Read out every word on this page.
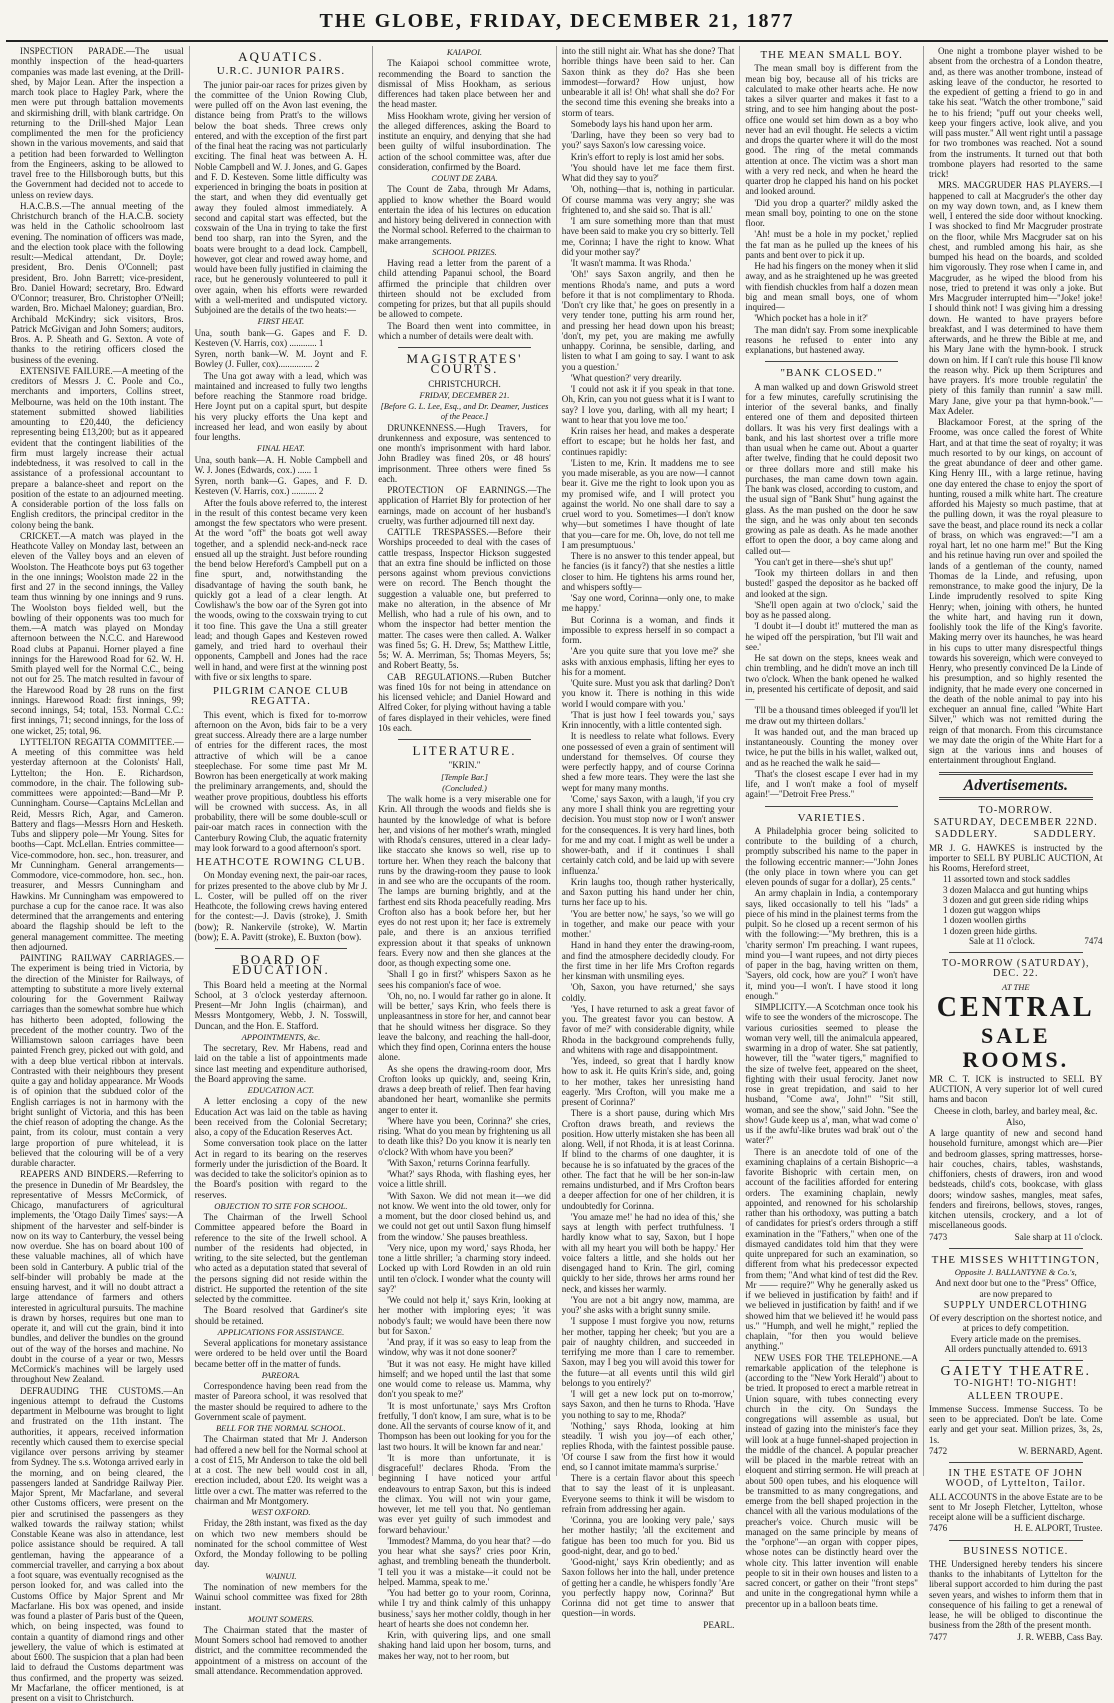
THE GLOBE, FRIDAY, DECEMBER 21, 1877

INSPECTION PARADE.—The usual monthly inspection of the head-quarters companies was made last evening, at the Drill-shed, by Major Lean. After the inspection a march took place to Hagley Park, where the men were put through battalion movements and skirmishing drill, with blank cartridge. On returning to the Drill-shed Major Lean complimented the men for the proficiency shown in the various movements, and said that a petition had been forwarded to Wellington from the Engineers, asking to be allowed to travel free to the Hillsborough butts, but this the Government had decided not to accede to unless on review days.

H.A.C.B.S.—The annual meeting of the Christchurch branch of the H.A.C.B. society was held in the Catholic schoolroom last evening. The nomination of officers was made, and the election took place with the following result:—Medical attendant, Dr. Doyle; president, Bro. Denis O'Connell; past president, Bro. John Barrett; vice-president, Bro. Daniel Howard; secretary, Bro. Edward O'Connor; treasurer, Bro. Christopher O'Neill; warden, Bro. Michael Maloney; guardian, Bro. Archibald McKindry; sick visitors, Bros. Patrick McGivigan and John Somers; auditors, Bros. A. P. Sheath and G. Sexton. A vote of thanks to the retiring officers closed the business of the evening.

EXTENSIVE FAILURE.—A meeting of the creditors of Messrs J. C. Poole and Co., merchants and importers, Collins street, Melbourne, was held on the 10th instant. The statement submitted showed liabilities amounting to £20,440, the deficiency representing being £13,200; but as it appeared evident that the contingent liabilities of the firm must largely increase their actual indebtedness, it was resolved to call in the assistance of a professional accountant to prepare a balance-sheet and report on the position of the estate to an adjourned meeting. A considerable portion of the loss falls on English creditors, the principal creditor in the colony being the bank.

CRICKET.—A match was played in the Heathcote Valley on Monday last, between an eleven of the Valley boys and an eleven of Woolston. The Heathcote boys put 63 together in the one innings; Woolston made 22 in the first and 27 in the second innings, the Valley team thus winning by one innings and 9 runs. The Woolston boys fielded well, but the bowling of their opponents was too much for them.—A match was played on Monday afternoon between the N.C.C. and Harewood Road clubs at Papanui. Horner played a fine innings for the Harewood Road for 62. W. H. Smith played well for the Normal C.C., being not out for 25. The match resulted in favour of the Harewood Road by 28 runs on the first innings. Harewood Road: first innings, 99; second innings, 54; total, 153. Normal C.C.: first innings, 71; second innings, for the loss of one wicket, 25; total, 96.

LYTTELTON REGATTA COMMITTEE.—A meeting of this committee was held yesterday afternoon at the Colonists' Hall, Lyttelton; the Hon. E. Richardson, commodore, in the chair. The following sub-committees were appointed:—Band—Mr P. Cunningham. Course—Captains McLellan and Reid, Messrs Rich, Agar, and Cameron. Battery and flags—Messrs Horn and Hesketh. Tubs and slippery pole—Mr Young. Sites for booths—Capt. McLellan. Entries committee—Vice-commodore, hon. sec., hon. treasurer, and Mr Cunningham. General arrangements—Commodore, vice-commodore, hon. sec., hon. treasurer, and Messrs Cunningham and Hawkins. Mr Cunningham was empowered to purchase a cup for the canoe race. It was also determined that the arrangements and entering aboard the flagship should be left to the general management committee. The meeting then adjourned.

PAINTING RAILWAY CARRIAGES.—The experiment is being tried in Victoria, by the direction of the Minister for Railways, of attempting to substitute a more lively external colouring for the Government Railway carriages than the somewhat sombre hue which has hitherto been adopted, following the precedent of the mother country. Two of the Williamstown saloon carriages have been painted French grey, picked out with gold, and with a deep blue vertical ribbon at intervals. Contrasted with their neighbours they present quite a gay and holiday appearance. Mr Woods is of opinion that the subdued color of the English carriages is not in harmony with the bright sunlight of Victoria, and this has been the chief reason of adopting the change. As the paint, from its colour, must contain a very large proportion of pure whitelead, it is believed that the colouring will be of a very durable character.

REAPERS AND BINDERS.—Referring to the presence in Dunedin of Mr Beardsley, the representative of Messrs McCormick, of Chicago, manufacturers of agricultural implements, the 'Otago Daily Times' says:—A shipment of the harvester and self-binder is now on its way to Canterbury, the vessel being now overdue. She has on board about 100 of these valuable machines, all of which have been sold in Canterbury. A public trial of the self-binder will probably be made at the ensuing harvest, and it will no doubt attract a large attendance of farmers and others interested in agricultural pursuits. The machine is drawn by horses, requires but one man to operate it, and will cut the grain, bind it into bundles, and deliver the bundles on the ground out of the way of the horses and machine. No doubt in the course of a year or two, Messrs McCormick's machines will be largely used throughout New Zealand.

DEFRAUDING THE CUSTOMS.—An ingenious attempt to defraud the Customs department in Melbourne was brought to light and frustrated on the 11th instant. The authorities, it appears, received information recently which caused them to exercise special vigilance over persons arriving by steamer from Sydney. The s.s. Wotonga arrived early in the morning, and on being cleared, the passengers landed at Sandridge Railway Pier. Major Sprent, Mr Macfarlane, and several other Customs officers, were present on the pier and scrutinised the passengers as they walked towards the railway station; whilst Constable Keane was also in attendance, lest police assistance should be required. A tall gentleman, having the appearance of a commercial traveller, and carrying a box about a foot square, was eventually recognised as the person looked for, and was called into the Customs Office by Major Sprent and Mr Macfarlane. His box was opened, and inside was found a plaster of Paris bust of the Queen, which, on being inspected, was found to contain a quantity of diamond rings and other jewellery, the value of which is estimated at about £600. The suspicion that a plan had been laid to defraud the Customs department was thus confirmed, and the property was seized. Mr Macfarlane, the officer mentioned, is at present on a visit to Christchurch.

AQUATICS.
U.R.C. JUNIOR PAIRS.

The junior pair-oar races for prizes given by the committee of the Union Rowing Club, were pulled off on the Avon last evening, the distance being from Pratt's to the willows below the boat sheds. Three crews only entered, and with the exception of the first part of the final heat the racing was not particularly exciting. The final heat was between A. H. Noble Campbell and W. J. Jones, and G. Gapes and F. D. Kesteven. Some little difficulty was experienced in bringing the boats in position at the start, and when they did eventually get away they fouled almost immediately. A second and capital start was effected, but the coxswain of the Una in trying to take the first bend too sharp, ran into the Syren, and the boats were brought to a dead lock. Campbell, however, got clear and rowed away home, and would have been fully justified in claiming the race, but he generously volunteered to pull it over again, when his efforts were rewarded with a well-merited and undisputed victory. Subjoined are the details of the two heats:—

FIRST HEAT.

Una, south bank—G. Gapes and F. D. Kesteven (V. Harris, cox) ............ 1

Syren, north bank—W. M. Joynt and F. Bowley (J. Fuller, cox)............... 2

The Una got away with a lead, which was maintained and increased to fully two lengths before reaching the Stanmore road bridge. Here Joynt put on a capital spurt, but despite his very plucky efforts the Una kept and increased her lead, and won easily by about four lengths.

FINAL HEAT.

Una, south bank—A. H. Noble Campbell and W. J. Jones (Edwards, cox.) ...... 1

Syren, north bank—G. Gapes, and F. D. Kesteven (V. Harris, cox.) ........... 2

After the fouls above referred to, the interest in the result of this contest became very keen amongst the few spectators who were present. At the word "off" the boats got well away together, and a splendid neck-and-neck race ensued all up the straight. Just before rounding the bend below Hereford's Campbell put on a fine spurt, and, notwithstanding the disadvantage of having the south bank, he quickly got a lead of a clear length. At Cowlishaw's the bow oar of the Syren got into the woods, owing to the coxswain trying to cut it too fine. This gave the Una a still greater lead; and though Gapes and Kesteven rowed gamely, and tried hard to overhaul their opponents, Campbell and Jones had the race well in hand, and were first at the winning post with five or six lengths to spare.

PILGRIM CANOE CLUB REGATTA.

This event, which is fixed for to-morrow afternoon on the Avon, bids fair to be a very great success. Already there are a large number of entries for the different races, the most attractive of which will be a canoe steeplechase. For some time past Mr M. Bowron has been energetically at work making the preliminary arrangements, and, should the weather prove propitious, doubtless his efforts will be crowned with success. As, in all probability, there will be some double-scull or pair-oar match races in connection with the Canterbury Rowing Club, the aquatic fraternity may look forward to a good afternoon's sport.

HEATHCOTE ROWING CLUB.

On Monday evening next, the pair-oar races, for prizes presented to the above club by Mr J. L. Coster, will be pulled off on the river Heathcote, the following crews having entered for the contest:—J. Davis (stroke), J. Smith (bow); R. Nankervile (stroke), W. Martin (bow); E. A. Pavitt (stroke), E. Buxton (bow).

BOARD OF EDUCATION.

This Board held a meeting at the Normal School, at 3 o'clock yesterday afternoon. Present—Mr John Inglis (chairman), and Messrs Montgomery, Webb, J. N. Tosswill, Duncan, and the Hon. E. Stafford.

APPOINTMENTS, &c.

The secretary, Rev. Mr Habens, read and laid on the table a list of appointments made since last meeting and expenditure authorised, the Board approving the same.

EDUCATION ACT.

A letter enclosing a copy of the new Education Act was laid on the table as having been received from the Colonial Secretary; also, a copy of the Education Reserves Act.

Some conversation took place on the latter Act in regard to its bearing on the reserves formerly under the jurisdiction of the Board. It was decided to take the solicitor's opinion as to the Board's position with regard to the reserves.

OBJECTION TO SITE FOR SCHOOL.

The Chairman of the Irwell School Committee appeared before the Board in reference to the site of the Irwell school. A number of the residents had objected, in writing, to the site selected, but the gentleman who acted as a deputation stated that several of the persons signing did not reside within the district. He supported the retention of the site selected by the committee.

The Board resolved that Gardiner's site should be retained.

APPLICATIONS FOR ASSISTANCE.

Several applications for monetary assistance were ordered to be held over until the Board became better off in the matter of funds.

PAREORA.

Correspondence having been read from the master of Pareora school, it was resolved that the master should be required to adhere to the Government scale of payment.

BELL FOR THE NORMAL SCHOOL.

The Chairman stated that Mr J. Anderson had offered a new bell for the Normal school at a cost of £15, Mr Anderson to take the old bell at a cost. The new bell would cost in all, erection included, about £20. Its weight was a little over a cwt. The matter was referred to the chairman and Mr Montgomery.

WEST OXFORD.

Friday, the 28th instant, was fixed as the day on which two new members should be nominated for the school committee of West Oxford, the Monday following to be polling day.

WAINUI.

The nomination of new members for the Wainui school committee was fixed for 28th instant.

MOUNT SOMERS.

The Chairman stated that the master of Mount Somers school had removed to another district, and the committee recommended the appointment of a mistress on account of the small attendance. Recommendation approved.

KAIAPOI.

The Kaiapoi school committee wrote, recommending the Board to sanction the dismissal of Miss Hookham, as serious differences had taken place between her and the head master.

Miss Hookham wrote, giving her version of the alleged differences, asking the Board to institute an enquiry, and denying that she had been guilty of wilful insubordination. The action of the school committee was, after due consideration, confirmed by the Board.

COUNT DE ZABA.

The Count de Zaba, through Mr Adams, applied to know whether the Board would entertain the idea of his lectures on education and history being delivered in connection with the Normal school. Referred to the chairman to make arrangements.

SCHOOL PRIZES.

Having read a letter from the parent of a child attending Papanui school, the Board affirmed the principle that children over thirteen should not be excluded from competing for prizes, but that all pupils should be allowed to compete.

The Board then went into committee, in which a number of details were dealt with.

MAGISTRATES' COURTS.
CHRISTCHURCH.
FRIDAY, DECEMBER 21.
[Before G. L. Lee, Esq., and Dr. Deamer, Justices of the Peace.]

DRUNKENNESS.—Hugh Travers, for drunkenness and exposure, was sentenced to one month's imprisonment with hard labor. John Bradley was fined 20s, or 48 hours' imprisonment. Three others were fined 5s each.

PROTECTION OF EARNINGS.—The application of Harriet Bly for protection of her earnings, made on account of her husband's cruelty, was further adjourned till next day.

CATTLE TRESPASSES.—Before their Worships proceeded to deal with the cases of cattle trespass, Inspector Hickson suggested that an extra fine should be inflicted on those persons against whom previous convictions were on record. The Bench thought the suggestion a valuable one, but preferred to make no alteration, in the absence of Mr Mellish, who had a rule of his own, and to whom the inspector had better mention the matter. The cases were then called. A. Walker was fined 5s; G. H. Drew, 5s; Matthew Little, 5s; W. A. Merriman, 5s; Thomas Meyers, 5s; and Robert Beatty, 5s.

CAB REGULATIONS.—Ruben Butcher was fined 10s for not being in attendance on his licensed vehicle; and Daniel Howard and Alfred Coker, for plying without having a table of fares displayed in their vehicles, were fined 10s each.

LITERATURE.
"KRIN."
[Temple Bar.]
(Concluded.)

The walk home is a very miserable one for Krin. All through the woods and fields she is haunted by the knowledge of what is before her, and visions of her mother's wrath, mingled with Rhoda's censures, uttered in a clear lady-like staccato she knows so well, rise up to torture her. When they reach the balcony that runs by the drawing-room they pause to look in and see who are the occupants of the room. The lamps are burning brightly, and at the farthest end sits Rhoda peacefully reading. Mrs Crofton also has a book before her, but her eyes do not rest upon it; her face is extremely pale, and there is an anxious terrified expression about it that speaks of unknown fears. Every now and then she glances at the door, as though expecting some one.

'Shall I go in first?' whispers Saxon as he sees his companion's face of woe.

'Oh, no, no. I would far rather go in alone. It will be better,' says Krin, who feels there is unpleasantness in store for her, and cannot bear that he should witness her disgrace. So they leave the balcony, and reaching the hall-door, which they find open, Corinna enters the house alone.

As she opens the drawing-room door, Mrs Crofton looks up quickly, and, seeing Krin, draws a deep breath of relief. Then fear having abandoned her heart, womanlike she permits anger to enter it.

'Where have you been, Corinna?' she cries, rising. 'What do you mean by frightening us all to death like this? Do you know it is nearly ten o'clock? With whom have you been?'

'With Saxon,' returns Corinna fearfully.

'What?' says Rhoda, with flashing eyes, her voice a little shrill.

'With Saxon. We did not mean it—we did not know. We went into the old tower, only for a moment, but the door closed behind us, and we could not get out until Saxon flung himself from the window.' She pauses breathless.

'Very nice, upon my word,' says Rhoda, her tone a little shriller; 'a charming story indeed. Locked up with Lord Rowden in an old ruin until ten o'clock. I wonder what the county will say?'

'We could not help it,' says Krin, looking at her mother with imploring eyes; 'it was nobody's fault; we would have been there now but for Saxon.'

'And pray, if it was so easy to leap from the window, why was it not done sooner?'

'But it was not easy. He might have killed himself; and we hoped until the last that some one would come to release us. Mamma, why don't you speak to me?'

'It is most unfortunate,' says Mrs Crofton fretfully, 'I don't know, I am sure, what is to be done. All the servants of course know of it, and Thompson has been out looking for you for the last two hours. It will be known far and near.'

'It is more than unfortunate, it is disgraceful!' declares Rhoda. 'From the beginning I have noticed your artful endeavours to entrap Saxon, but this is indeed the climax. You will not win your game, however, let me tell you that. No gentleman was ever yet guilty of such immodest and forward behaviour.'

'Immodest? Mamma, do you hear that? —do you hear what she says?' cries poor Krin, aghast, and trembling beneath the thunderbolt. 'I tell you it was a mistake—it could not be helped. Mamma, speak to me.'

'You had better go to your room, Corinna, while I try and think calmly of this unhappy business,' says her mother coldly, though in her heart of hearts she does not condemn her.

Krin, with quivering lips, and one small shaking hand laid upon her bosom, turns, and makes her way, not to her room, but

into the still night air. What has she done? That horrible things have been said to her. Can Saxon think as they do? Has she been immodest—forward? How unjust, how unbearable it all is! Oh! what shall she do? For the second time this evening she breaks into a storm of tears.

Somebody lays his hand upon her arm.

'Darling, have they been so very bad to you?' says Saxon's low caressing voice.

Krin's effort to reply is lost amid her sobs.

'You should have let me face them first. What did they say to you?'

'Oh, nothing—that is, nothing in particular. Of course mamma was very angry; she was frightened to, and she said so. That is all.'

'I am sure something more than that must have been said to make you cry so bitterly. Tell me, Corinna; I have the right to know. What did your mother say?'

'It wasn't mamma. It was Rhoda.'

'Oh!' says Saxon angrily, and then he mentions Rhoda's name, and puts a word before it that is not complimentary to Rhoda. 'Don't cry like that,' he goes on presently in a very tender tone, putting his arm round her, and pressing her head down upon his breast; 'don't, my pet, you are making me awfully unhappy. Corinna, be sensible, darling, and listen to what I am going to say. I want to ask you a question.'

'What question?' very drearily.

'I could not ask it if you speak in that tone. Oh, Krin, can you not guess what it is I want to say? I love you, darling, with all my heart; I want to hear that you love me too.'

Krin raises her head, and makes a desperate effort to escape; but he holds her fast, and continues rapidly:

'Listen to me, Krin. It maddens me to see you made miserable, as you are now—I cannot bear it. Give me the right to look upon you as my promised wife, and I will protect you against the world. No one shall dare to say a cruel word to you. Sometimes—I don't know why—but sometimes I have thought of late that you—care for me. Oh, love, do not tell me I am presumptuous.'

There is no answer to this tender appeal, but he fancies (is it fancy?) that she nestles a little closer to him. He tightens his arms round her, and whispers softly—

'Say one word, Corinna—only one, to make me happy.'

But Corinna is a woman, and finds it impossible to express herself in so compact a form.

'Are you quite sure that you love me?' she asks with anxious emphasis, lifting her eyes to his for a moment.

'Quite sure. Must you ask that darling? Don't you know it. There is nothing in this wide world I would compare with you.'

'That is just how I feel towards you,' says Krin innocently, with a little contented sigh.

It is needless to relate what follows. Every one possessed of even a grain of sentiment will understand for themselves. Of course they were perfectly happy, and of course Corinna shed a few more tears. They were the last she wept for many many months.

'Come,' says Saxon, with a laugh, 'if you cry any more I shall think you are regretting your decision. You must stop now or I won't answer for the consequences. It is very hard lines, both for me and my coat. I might as well be under a shower-bath, and if it continues I shall certainly catch cold, and be laid up with severe influenza.'

Krin laughs too, though rather hysterically, and Saxon putting his hand under her chin, turns her face up to his.

'You are better now,' he says, 'so we will go in together, and make our peace with your mother.'

Hand in hand they enter the drawing-room, and find the atmosphere decidedly cloudy. For the first time in her life Mrs Crofton regards her kinsman with unsmiling eyes.

'Oh, Saxon, you have returned,' she says coldly.

'Yes, I have returned to ask a great favor of you. The greatest favor you can bestow. A favor of me?' with considerable dignity, while Rhoda in the background comprehends fully, and whitens with rage and disappointment.

'Yes, indeed, so great that I hardly know how to ask it. He quits Krin's side, and, going to her mother, takes her unresisting hand eagerly. 'Mrs Crofton, will you make me a present of Corinna?'

There is a short pause, during which Mrs Crofton draws breath, and reviews the position. How utterly mistaken she has been all along. Well, if not Rhoda, it is at least Corinna. If blind to the charms of one daughter, it is because he is so infatuated by the graces of the other. The fact that he will be her son-in-law remains undisturbed, and if Mrs Crofton bears a deeper affection for one of her children, it is undoubtedly for Corinna.

'You amaze me!' he had no idea of this,' she says at length with perfect truthfulness. 'I hardly know what to say, Saxon, but I hope with all my heart you will both be happy.' Her voice falters a little, and she holds out her disengaged hand to Krin. The girl, coming quickly to her side, throws her arms round her neck, and kisses her warmly.

'You are not a bit angry now, mamma, are you?' she asks with a bright sunny smile.

'I suppose I must forgive you now, returns her mother, tapping her cheek; 'but you are a pair of naughty children, and succeeded in terrifying me more than I care to remember. Saxon, may I beg you will avoid this tower for the future—at all events until this wild girl belongs to you entirely?'

'I will get a new lock put on to-morrow,' says Saxon, and then he turns to Rhoda. 'Have you nothing to say to me, Rhoda?'

'Nothing,' says Rhoda, looking at him steadily. 'I wish you joy—of each other,' replies Rhoda, with the faintest possible pause. 'Of course I saw from the first how it would end, so I cannot imitate mamma's surprise.'

There is a certain flavor about this speech that to say the least of it is unpleasant. Everyone seems to think it will be wisdom to refrain from addressing her again.

'Corinna, you are looking very pale,' says her mother hastily; 'all the excitement and fatigue has been too much for you. Bid us good-night, dear, and go to bed.'

'Good-night,' says Krin obediently; and as Saxon follows her into the hall, under pretence of getting her a candle, he whispers fondly 'Are you perfectly happy now, Corinna?' But Corinna did not get time to answer that question—in words.

PEARL.

THE MEAN SMALL BOY.

The mean small boy is different from the mean big boy, because all of his tricks are calculated to make other hearts ache. He now takes a silver quarter and makes it fast to a string, and to see him hanging about the post-office one would set him down as a boy who never had an evil thought. He selects a victim and drops the quarter where it will do the most good. The ring of the metal commands attention at once. The victim was a short man with a very red neck, and when he heard the quarter drop he clapped his hand on his pocket and looked around.

'Did you drop a quarter?' mildly asked the mean small boy, pointing to one on the stone floor.

'Ah! must be a hole in my pocket,' replied the fat man as he pulled up the knees of his pants and bent over to pick it up.

He had his fingers on the money when it slid away, and as he straightened up he was greeted with fiendish chuckles from half a dozen mean big and mean small boys, one of whom inquired—

'Which pocket has a hole in it?'

The man didn't say. From some inexplicable reasons he refused to enter into any explanations, but hastened away.

"BANK CLOSED."

A man walked up and down Griswold street for a few minutes, carefully scrutinising the interior of the several banks, and finally entered one of them and deposited thirteen dollars. It was his very first dealings with a bank, and his last shortest over a trifle more than usual when he came out. About a quarter after twelve, finding that he could deposit two or three dollars more and still make his purchases, the man came down town again. The bank was closed, according to custom, and the usual sign of "Bank Shut" hung against the glass. As the man pushed on the door he saw the sign, and he was only about ten seconds growing as pale as death. As he made another effort to open the door, a boy came along and called out—

'You can't get in there—she's shut up!'

'Took my thirteen dollars in and then busted!' gasped the depositor as he backed off and looked at the sign.

'She'll open again at two o'clock,' said the boy as he passed along.

'I doubt it—I doubt it!' muttered the man as he wiped off the perspiration, 'but I'll wait and see.'

He sat down on the steps, knees weak and chin trembling, and he didn't move an inch till two o'clock. When the bank opened he walked in, presented his certificate of deposit, and said—

'I'll be a thousand times obleeged if you'll let me draw out my thirteen dollars.'

It was handed out, and the man braced up instantaneously. Counting the money over twice, he put the bills in his wallet, walked out, and as he reached the walk he said—

'That's the closest escape I ever had in my life, and I won't make a fool of myself again!'—"Detroit Free Press."

VARIETIES.

A Philadelphia grocer being solicited to contribute to the building of a church, promptly subscribed his name to the paper in the following eccentric manner:—"John Jones (the only place in town where you can get eleven pounds of sugar for a dollar), 25 cents."

An army chaplain in India, a contemporary says, liked occasionally to tell his "lads" a piece of his mind in the plainest terms from the pulpit. So he closed up a recent sermon of his with the following:—"My brethren, this is a 'charity sermon' I'm preaching. I want rupees, mind you—I want rupees, and not dirty pieces of paper in the bag, having written on them, 'Sayers, old cock, how are you?' I won't have it, mind you—I won't. I have stood it long enough."

SIMPLICITY.—A Scotchman once took his wife to see the wonders of the microscope. The various curiosities seemed to please the woman very well, till the animalcula appeared, swarming in a drop of water. She sat patiently, however, till the "water tigers," magnified to the size of twelve feet, appeared on the sheet, fighting with their usual ferocity. Janet now rose in great trepidation, and said to her husband, "Come awa', John!" "Sit still, woman, and see the show," said John. "See the show! Gude keep us a', man, what wad come o' us if the awfu'-like brutes wad brak' out o' the water?"

There is an anecdote told of one of the examining chaplains of a certain Bishopric—a favorite Bishopric with certain men, on account of the facilities afforded for entering orders. The examining chaplain, newly appointed, and renowned for his scholarship rather than his orthodoxy, was putting a batch of candidates for priest's orders through a stiff examination in the "Fathers," when one of the dismayed candidates told him that they were quite unprepared for such an examination, so different from what his predecessor expected from them; "And what kind of test did the Rev. Mr —— require?" Why he generally asked us if we believed in justification by faith! and if we believed in justification by faith! and if we showed him that we believed it! he would pass us." "Humph, and well he might," replied the chaplain, "for then you would believe anything."

NEW USES FOR THE TELEPHONE.—A remarkable application of the telephone is (according to the "New York Herald") about to be tried. It proposed to erect a marble retreat in Union square, with tubes connecting every church in the city. On Sundays the congregations will assemble as usual, but instead of gazing into the minister's face they will look at a huge funnel-shaped projection in the middle of the chancel. A popular preacher will be placed in the marble retreat with an eloquent and stirring sermon. He will preach at about 500 open tubes, and his eloquence will be transmitted to as many congregations, and emerge from the bell shaped projection in the chancel with all the various modulations of the preacher's voice. Church music will be managed on the same principle by means of the "orphone"—an organ with copper pipes, whose notes can be distinctly heard over the whole city. This latter invention will enable people to sit in their own houses and listen to a sacred concert, or gather on their "front steps" and unite in the congregational hymn while a precentor up in a balloon beats time.

One night a trombone player wished to be absent from the orchestra of a London theatre, and, as there was another trombone, instead of asking leave of the conductor, he resorted to the expedient of getting a friend to go in and take his seat. "Watch the other trombone," said he to his friend; "puff out your cheeks well, keep your fingers active, look alive, and you will pass muster." All went right until a passage for two trombones was reached. Not a sound from the instruments. It turned out that both trombone players had resorted to the same trick!

MRS. MACGRUDER HAS PLAYERS.—I happened to call at Macgruder's the other day on my way down town, and, as I knew them well, I entered the side door without knocking. I was shocked to find Mr Macgruder prostrate on the floor, while Mrs Macgruder sat on his chest, and rumbled among his hair, as she bumped his head on the boards, and scolded him vigorously. They rose when I came in, and Macgruder, as he wiped the blood from his nose, tried to pretend it was only a joke. But Mrs Macgruder interrupted him—"Joke! joke! I should think not! I was giving him a dressing down. He wanted to have prayers before breakfast, and I was determined to have them afterwards, and he threw the Bible at me, and his Mary Jane with the hymn-book. I struck down on him. If I can't rule this house I'll know the reason why. Pick up them Scriptures and have prayers. It's more trouble regulatin' the piety of this family than runnin' a saw mill. Mary Jane, give your pa that hymn-book."—Max Adeler.

Blackamoor Forest, at the spring of the Froome, was once called the forest of White Hart, and at that time the seat of royalty; it was much resorted to by our kings, on account of the great abundance of deer and other game. King Henry III., with a large retinue, having one day entered the chase to enjoy the sport of hunting, roused a milk white hart. The creature afforded his Majesty so much pastime, that at the pulling down, it was the royal pleasure to save the beast, and place round its neck a collar of brass, on which was engraved:—"I am a royal hart, let no one harm me!" But the King and his retinue having run over and spoiled the lands of a gentleman of the county, named Thomas de la Linde, and refusing, upon remonstrance, to make good the injury, De la Linde imprudently resolved to spite King Henry; when, joining with others, he hunted the white hart, and having run it down, foolishly took the life of the King's favorite. Making merry over its haunches, he was heard in his cups to utter many disrespectful things towards his sovereign, which were conveyed to Henry, who presently convinced De la Linde of his presumption, and so highly resented the indignity, that he made every one concerned in the death of the noble animal to pay into his exchequer an annual fine, called "White Hart Silver," which was not remitted during the reign of that monarch. From this circumstance we may date the origin of the White Hart for a sign at the various inns and houses of entertainment throughout England.

Advertisements.
TO-MORROW.
SATURDAY, DECEMBER 22ND.
SADDLERY.	SADDLERY.

MR J. G. HAWKES is instructed by the importer to SELL BY PUBLIC AUCTION, At his Rooms, Hereford street,

11 assorted town and stock saddles
3 dozen Malacca and gut hunting whips
3 dozen and gut green side riding whips
1 dozen gut waggon whips
1 dozen woollen girths
1 dozen green hide girths.
Sale at 11 o'clock.	7474
TO-MORROW (SATURDAY), DEC. 22.
AT THE
CENTRAL
SALE ROOMS.

MR C. T. ICK is instructed to SELL BY AUCTION, A very superior lot of well cured hams and bacon

Cheese in cloth, barley, and barley meal, &c.

Also,

A large quantity of new and second hand household furniture, amongst which are—Pier and bedroom glasses, spring mattresses, horse-hair couches, chairs, tables, washstands, chiffoniers, chests of drawers, iron and wood bedsteads, child's cots, bookcase, with glass doors; window sashes, mangles, meat safes, fenders and fireirons, bellows, stoves, ranges, kitchen utensils, crockery, and a lot of miscellaneous goods.

7473	Sale sharp at 11 o'clock.
THE MISSES WHITTINGTON,
Opposite J. BALLANTYNE & Co.'s,
And next door but one to the "Press" Office,
are now prepared to
SUPPLY UNDERCLOTHING
Of every description on the shortest notice, and at prices to defy competition.
Every article made on the premises.
All orders punctually attended to. 6913
GAIETY THEATRE.
TO-NIGHT! TO-NIGHT!
ALLEEN TROUPE.

Immense Success. Immense Success. To be seen to be appreciated. Don't be late. Come early and get your seat. Million prizes, 3s, 2s, 1s.

7472	W. BERNARD, Agent.
IN THE ESTATE OF JOHN WOOD, of Lyttelton, Tailor.

ALL ACCOUNTS in the above Estate are to be sent to Mr Joseph Fletcher, Lyttelton, whose receipt alone will be a sufficient discharge.

7476	H. E. ALPORT, Trustee.
BUSINESS NOTICE.

THE Undersigned hereby tenders his sincere thanks to the inhabitants of Lyttelton for the liberal support accorded to him during the past seven years, and wishes to inform them that in consequence of his failing to get a renewal of lease, he will be obliged to discontinue the business from the 28th of the present month.

7477	J. R. WEBB, Cass Bay.
